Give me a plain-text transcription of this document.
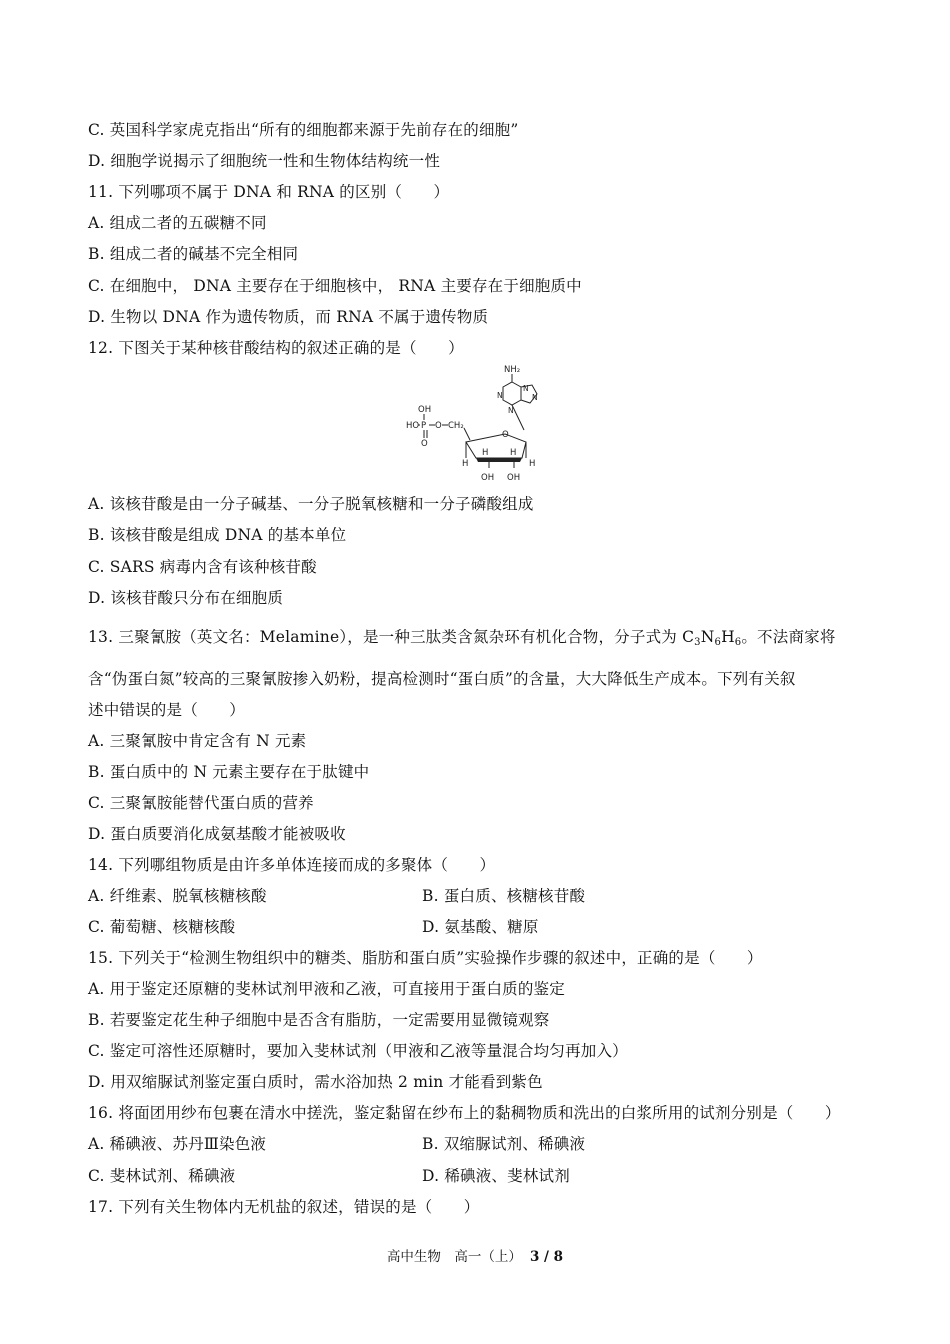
C. 英国科学家虎克指出“所有的细胞都来源于先前存在的细胞”
D. 细胞学说揭示了细胞统一性和生物体结构统一性
11. 下列哪项不属于 DNA 和 RNA 的区别（　　）
A. 组成二者的五碳糖不同
B. 组成二者的碱基不完全相同
C. 在细胞中， DNA 主要存在于细胞核中， RNA 主要存在于细胞质中
D. 生物以 DNA 作为遗传物质，而 RNA 不属于遗传物质
12. 下图关于某种核苷酸结构的叙述正确的是（　　）
NH₂
N
N	N
N
OH
HO P O CH₂
O
O
H
H	H
H
OH OH
A. 该核苷酸是由一分子碱基、一分子脱氧核糖和一分子磷酸组成
B. 该核苷酸是组成 DNA 的基本单位
C. SARS 病毒内含有该种核苷酸
D. 该核苷酸只分布在细胞质
13. 三聚氰胺（英文名：Melamine），是一种三肽类含氮杂环有机化合物，分子式为 $C_3N_6H_6$。不法商家将
含“伪蛋白氮”较高的三聚氰胺掺入奶粉，提高检测时“蛋白质”的含量，大大降低生产成本。下列有关叙
述中错误的是（　　）
A. 三聚氰胺中肯定含有 N 元素
B. 蛋白质中的 N 元素主要存在于肽键中
C. 三聚氰胺能替代蛋白质的营养
D. 蛋白质要消化成氨基酸才能被吸收
14. 下列哪组物质是由许多单体连接而成的多聚体（　　）
A. 纤维素、脱氧核糖核酸	B. 蛋白质、核糖核苷酸
C. 葡萄糖、核糖核酸	D. 氨基酸、糖原
15. 下列关于“检测生物组织中的糖类、脂肪和蛋白质”实验操作步骤的叙述中，正确的是（　　）
A. 用于鉴定还原糖的斐林试剂甲液和乙液，可直接用于蛋白质的鉴定
B. 若要鉴定花生种子细胞中是否含有脂肪，一定需要用显微镜观察
C. 鉴定可溶性还原糖时，要加入斐林试剂（甲液和乙液等量混合均匀再加入）
D. 用双缩脲试剂鉴定蛋白质时，需水浴加热 2 min 才能看到紫色
16. 将面团用纱布包裹在清水中搓洗，鉴定黏留在纱布上的黏稠物质和洗出的白浆所用的试剂分别是（　　）
A. 稀碘液、苏丹Ⅲ染色液	B. 双缩脲试剂、稀碘液
C. 斐林试剂、稀碘液	D. 稀碘液、斐林试剂
17. 下列有关生物体内无机盐的叙述，错误的是（　　）
高中生物　高一（上） 3 / 8
